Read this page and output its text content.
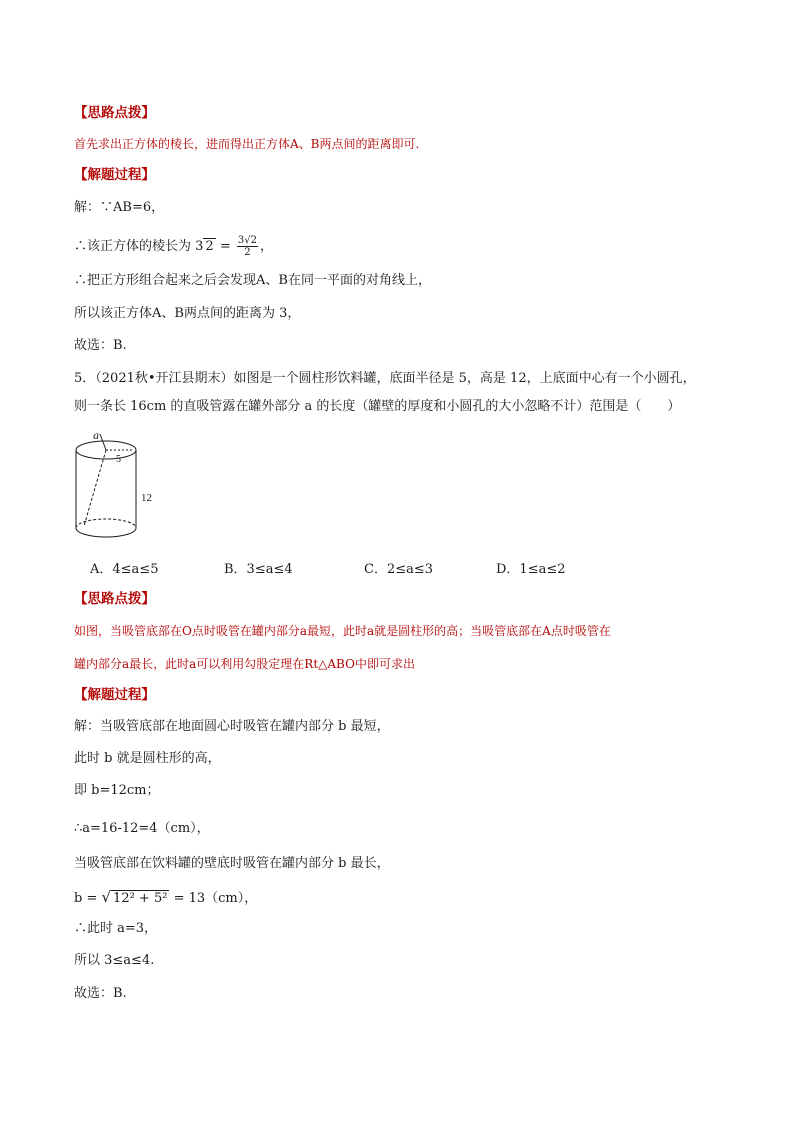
【思路点拨】
首先求出正方体的棱长，进而得出正方体A、B两点间的距离即可.
【解题过程】
解：∵AB=6，
∴该正方体的棱长为 3 $2 = \frac{3√2}{2}$ ，
∴把正方形组合起来之后会发现A、B在同一平面的对角线上，
所以该正方体A、B两点间的距离为 3，
故选：B.
5．（2021秋•开江县期末）如图是一个圆柱形饮料罐，底面半径是 5，高是 12，上底面中心有一个小圆孔，
则一条长 16cm 的直吸管露在罐外部分 a 的长度（罐壁的厚度和小圆孔的大小忽略不计）范围是（　　）
a
5
12
A．4≤a≤5	B．3≤a≤4	C．2≤a≤3	D．1≤a≤2
【思路点拨】
如图，当吸管底部在O点时吸管在罐内部分a最短，此时a就是圆柱形的高；当吸管底部在A点时吸管在
罐内部分a最长，此时a可以利用勾股定理在Rt△ABO中即可求出
【解题过程】
解：当吸管底部在地面圆心时吸管在罐内部分 b 最短，
此时 b 就是圆柱形的高，
即 b=12cm；
∴a=16-12=4（cm），
当吸管底部在饮料罐的壁底时吸管在罐内部分 b 最长，
b = √ 12² + 5² = 13（cm），
∴此时 a=3，
所以 3≤a≤4.
故选：B.
